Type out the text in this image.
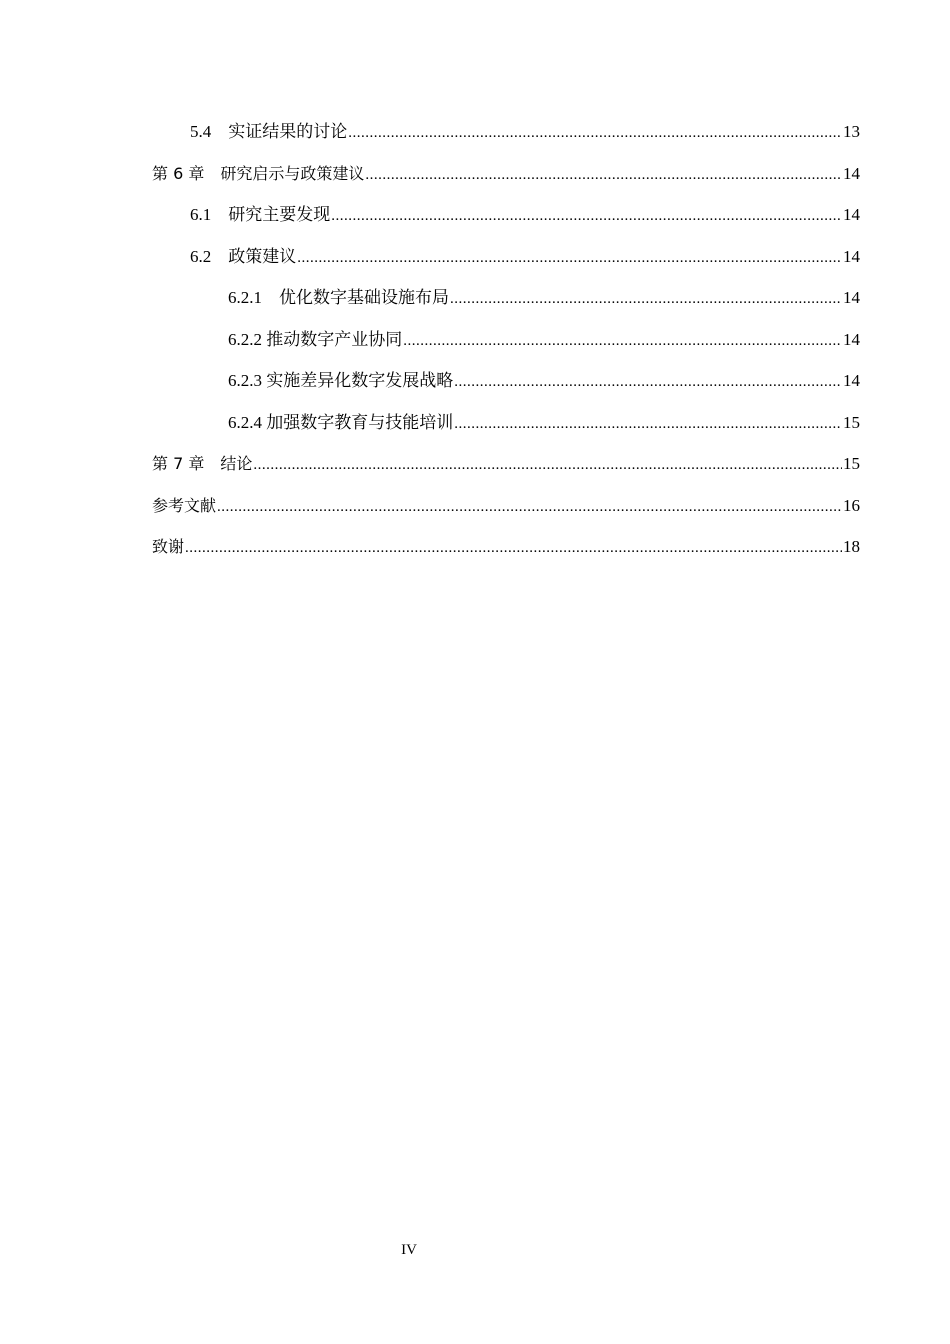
5.4　实证结果的讨论 .....	13
第 6 章　研究启示与政策建议 .....	14
6.1　研究主要发现 .....	14
6.2　政策建议 .....	14
6.2.1　优化数字基础设施布局 .....	14
6.2.2 推动数字产业协同 .....	14
6.2.3 实施差异化数字发展战略 .....	14
6.2.4 加强数字教育与技能培训 .....	15
第 7 章　结论 .....	15
参考文献 .....	16
致谢 .....	18
IV
